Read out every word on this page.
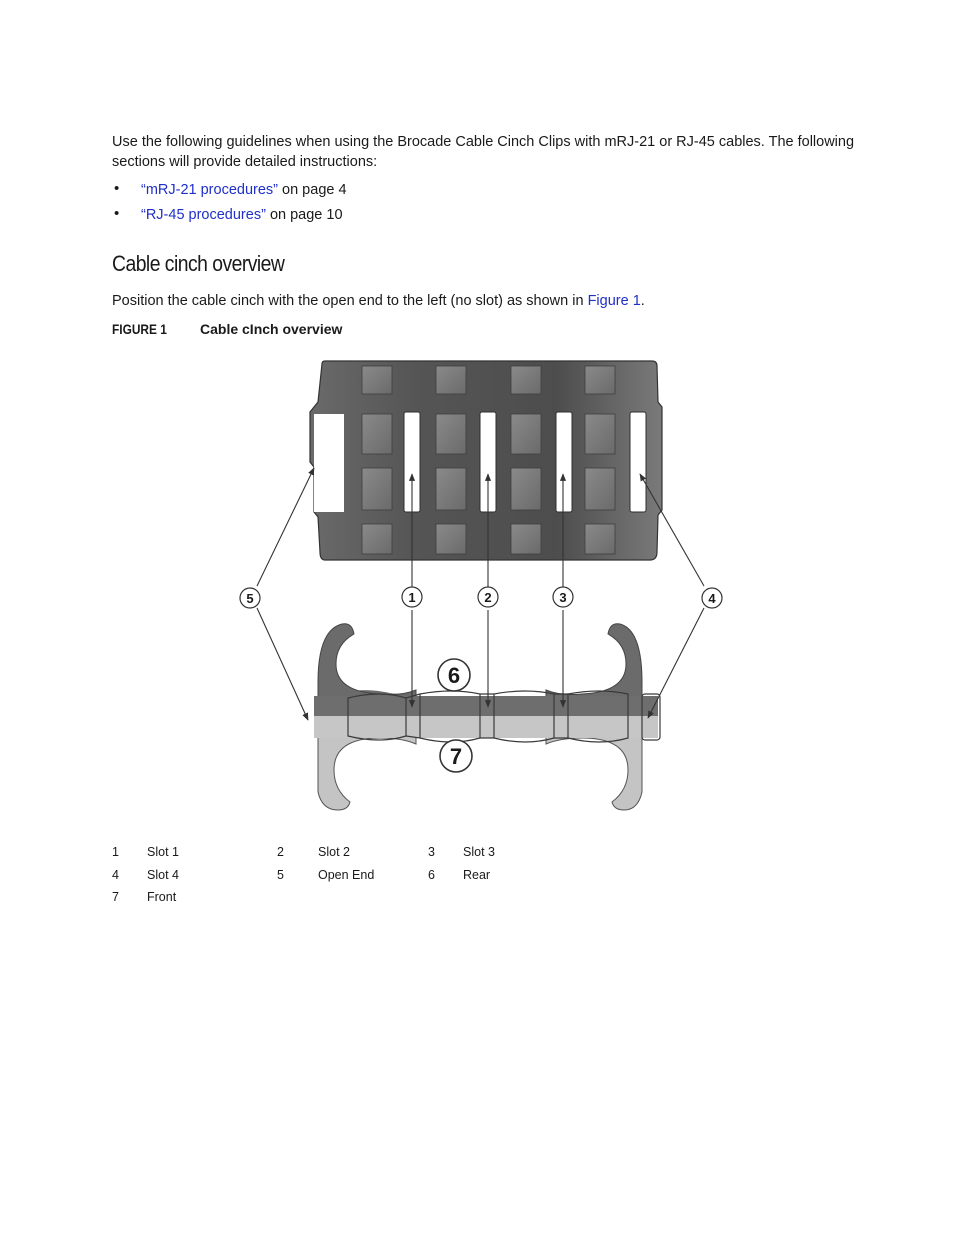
Use the following guidelines when using the Brocade Cable Cinch Clips with mRJ-21 or RJ-45 cables. The following sections will provide detailed instructions:

• “mRJ-21 procedures” on page 4
• “RJ-45 procedures” on page 10
Cable cinch overview

Position the cable cinch with the open end to the left (no slot) as shown in Figure 1.

FIGURE 1 Cable cInch overview
5	1	2	3	4
6
7
1 Slot 1	2	Slot 2	3 Slot 3
4 Slot 4	5	Open End	6 Rear
7 Front
